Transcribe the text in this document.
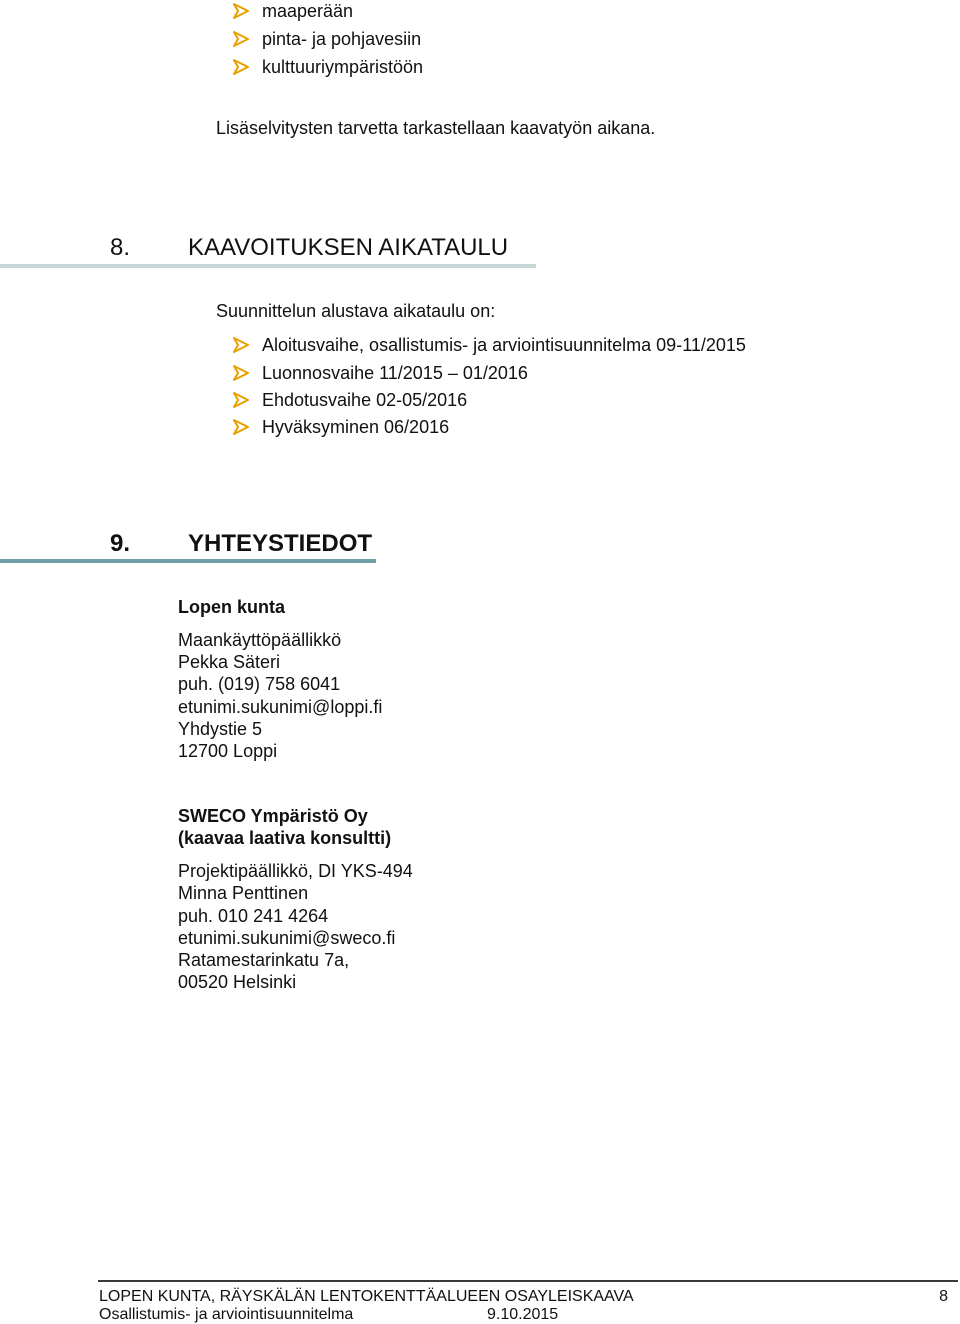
maaperään
pinta- ja pohjavesiin
kulttuuriympäristöön
Lisäselvitysten tarvetta tarkastellaan kaavatyön aikana.
8. KAAVOITUKSEN AIKATAULU
Suunnittelun alustava aikataulu on:
Aloitusvaihe, osallistumis- ja arviointisuunnitelma 09-11/2015
Luonnosvaihe 11/2015 – 01/2016
Ehdotusvaihe 02-05/2016
Hyväksyminen 06/2016
9. YHTEYSTIEDOT
Lopen kunta
Maankäyttöpäällikkö
Pekka Säteri
puh. (019) 758 6041
etunimi.sukunimi@loppi.fi
Yhdystie 5
12700 Loppi
SWECO Ympäristö Oy
(kaavaa laativa konsultti)
Projektipäällikkö, DI YKS-494
Minna Penttinen
puh. 010 241 4264
etunimi.sukunimi@sweco.fi
Ratamestarinkatu 7a,
00520 Helsinki
LOPEN KUNTA, RÄYSKÄLÄN LENTOKENTTÄALUEEN OSAYLEISKAAVA	8
Osallistumis- ja arviointisuunnitelma	9.10.2015
